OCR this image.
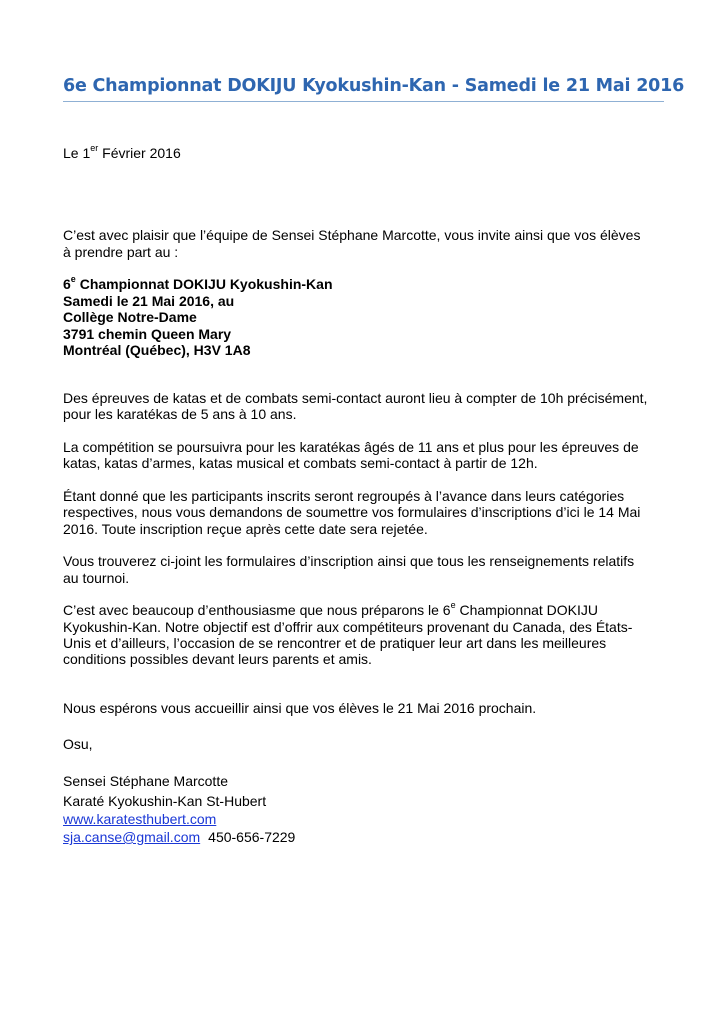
6e Championnat DOKIJU Kyokushin-Kan - Samedi le 21 Mai 2016

Le 1er Février 2016

C’est avec plaisir que l’équipe de Sensei Stéphane Marcotte, vous invite ainsi que vos élèves

à prendre part au :

6e Championnat DOKIJU Kyokushin-Kan

Samedi le 21 Mai 2016, au

Collège Notre-Dame

3791 chemin Queen Mary

Montréal (Québec), H3V 1A8

Des épreuves de katas et de combats semi-contact auront lieu à compter de 10h précisément,

pour les karatékas de 5 ans à 10 ans.

La compétition se poursuivra pour les karatékas âgés de 11 ans et plus pour les épreuves de

katas, katas d’armes, katas musical et combats semi-contact à partir de 12h.

Étant donné que les participants inscrits seront regroupés à l’avance dans leurs catégories

respectives, nous vous demandons de soumettre vos formulaires d’inscriptions d’ici le 14 Mai

2016. Toute inscription reçue après cette date sera rejetée.

Vous trouverez ci-joint les formulaires d’inscription ainsi que tous les renseignements relatifs

au tournoi.

C’est avec beaucoup d’enthousiasme que nous préparons le 6e Championnat DOKIJU

Kyokushin-Kan. Notre objectif est d’offrir aux compétiteurs provenant du Canada, des États-

Unis et d’ailleurs, l’occasion de se rencontrer et de pratiquer leur art dans les meilleures

conditions possibles devant leurs parents et amis.

Nous espérons vous accueillir ainsi que vos élèves le 21 Mai 2016 prochain.

Osu,

Sensei Stéphane Marcotte

Karaté Kyokushin-Kan St-Hubert

www.karatesthubert.com

sja.canse@gmail.com 450-656-7229
